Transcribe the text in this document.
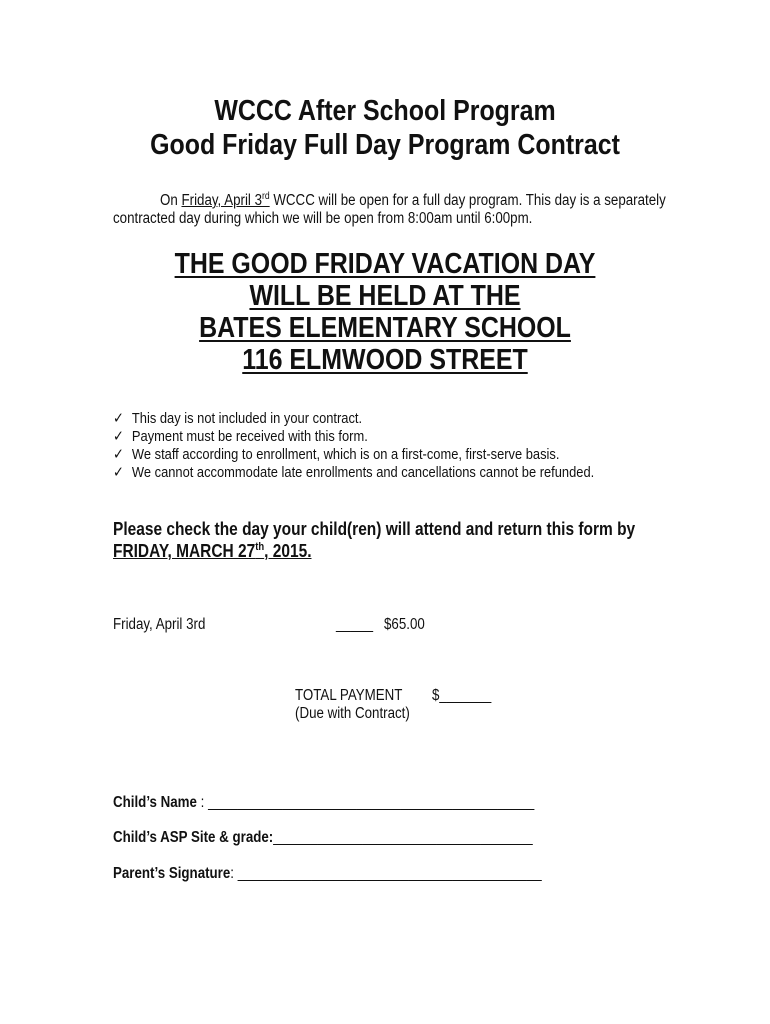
WCCC After School Program
Good Friday Full Day Program Contract
On Friday, April 3rd WCCC will be open for a full day program. This day is a separately
contracted day during which we will be open from 8:00am until 6:00pm.
THE GOOD FRIDAY VACATION DAY
WILL BE HELD AT THE
BATES ELEMENTARY SCHOOL
116 ELMWOOD STREET
✓ This day is not included in your contract.
✓ Payment must be received with this form.
✓ We staff according to enrollment, which is on a first-come, first-serve basis.
✓ We cannot accommodate late enrollments and cancellations cannot be refunded.
Please check the day your child(ren) will attend and return this form by
FRIDAY, MARCH 27th, 2015.
Friday, April 3rd	_____ $65.00
TOTAL PAYMENT $_______
(Due with Contract)
Child’s Name : ____________________________________________
Child’s ASP Site & grade:___________________________________
Parent’s Signature: _________________________________________
